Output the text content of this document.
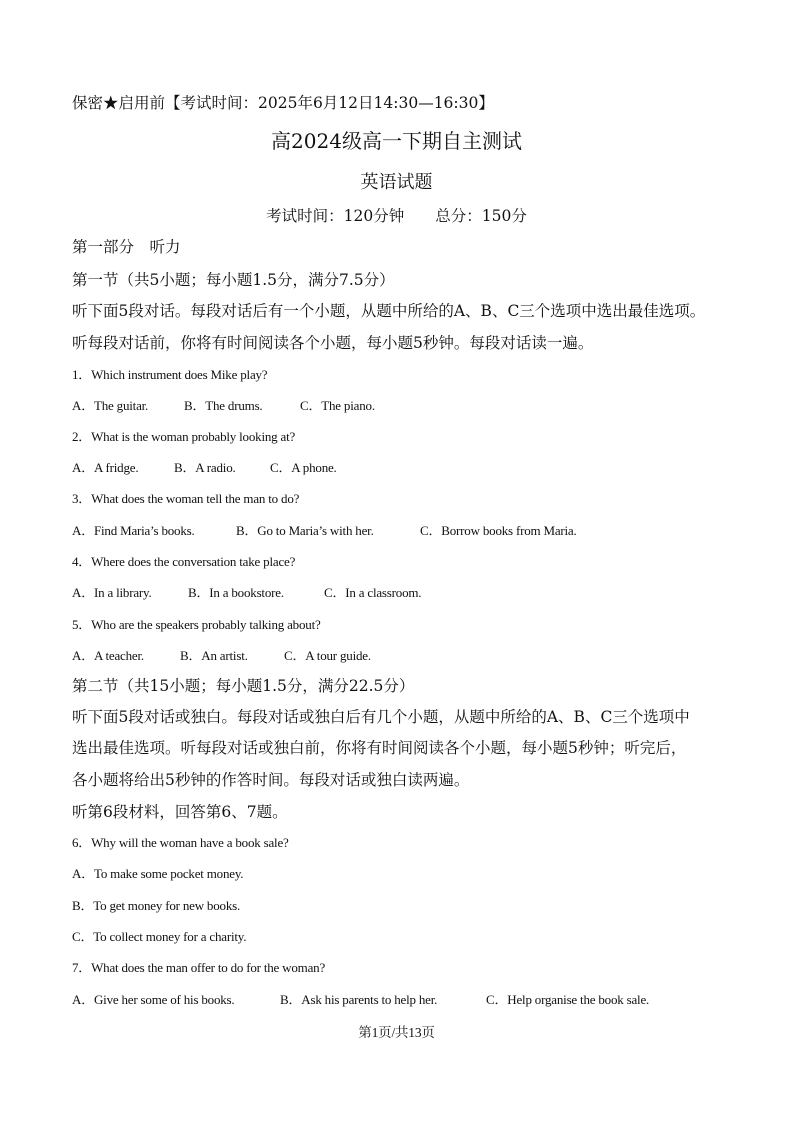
保密★启用前【考试时间：2025年6月12日14:30—16:30】
高2024级高一下期自主测试
英语试题
考试时间：120分钟　　总分：150分
第一部分　听力
第一节（共5小题；每小题1.5分，满分7.5分）
听下面5段对话。每段对话后有一个小题，从题中所给的A、B、C三个选项中选出最佳选项。
听每段对话前，你将有时间阅读各个小题，每小题5秒钟。每段对话读一遍。
1．Which instrument does Mike play?
A．The guitar.	B．The drums.	C．The piano.
2．What is the woman probably looking at?
A．A fridge.	B．A radio.	C．A phone.
3．What does the woman tell the man to do?
A．Find Maria’s books.	B．Go to Maria’s with her.	C．Borrow books from Maria.
4．Where does the conversation take place?
A．In a library.	B．In a bookstore.	C．In a classroom.
5．Who are the speakers probably talking about?
A．A teacher.	B．An artist.	C．A tour guide.
第二节（共15小题；每小题1.5分，满分22.5分）
听下面5段对话或独白。每段对话或独白后有几个小题，从题中所给的A、B、C三个选项中
选出最佳选项。听每段对话或独白前，你将有时间阅读各个小题，每小题5秒钟；听完后，
各小题将给出5秒钟的作答时间。每段对话或独白读两遍。
听第6段材料，回答第6、7题。
6．Why will the woman have a book sale?
A．To make some pocket money.
B．To get money for new books.
C．To collect money for a charity.
7．What does the man offer to do for the woman?
A．Give her some of his books.	B．Ask his parents to help her.	C．Help organise the book sale.
第1页/共13页
